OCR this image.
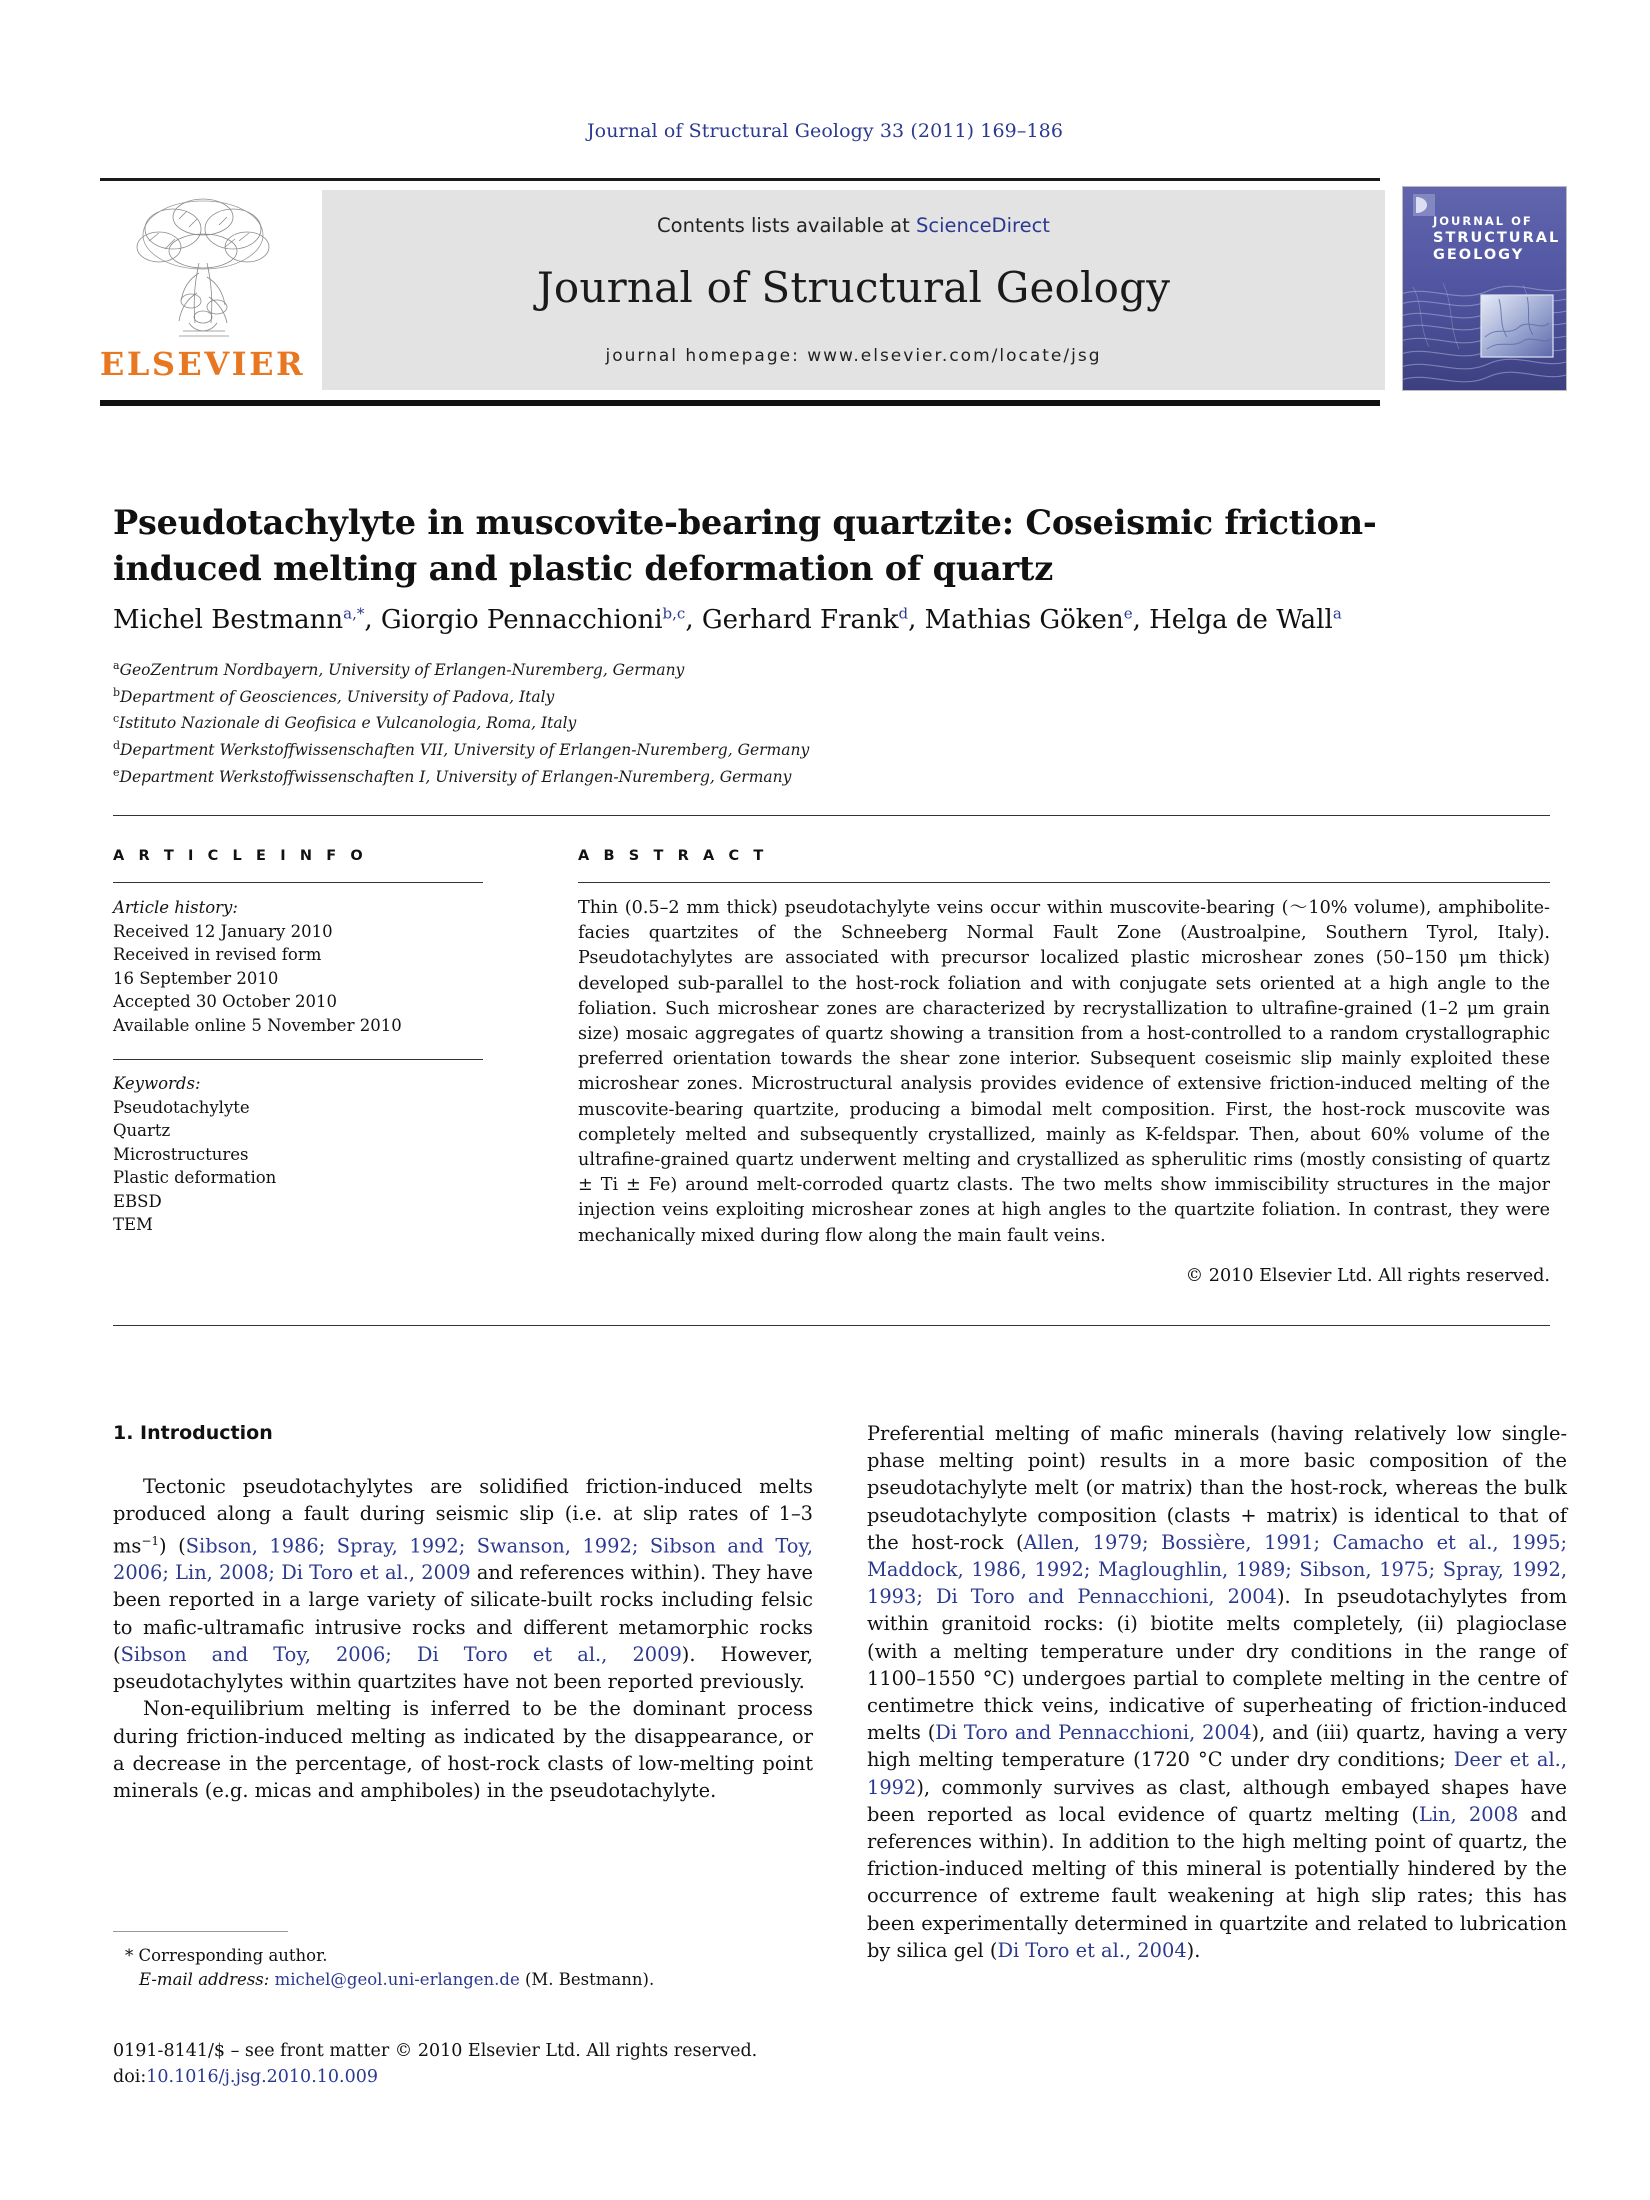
Journal of Structural Geology 33 (2011) 169–186
ELSEVIER
Contents lists available at ScienceDirect
Journal of Structural Geology
journal homepage: www.elsevier.com/locate/jsg
JOURNAL OF
STRUCTURAL
GEOLOGY
Pseudotachylyte in muscovite-bearing quartzite: Coseismic friction-induced melting and plastic deformation of quartz
Michel Bestmann$^{a,*}$, Giorgio Pennacchioni$^{b,c}$, Gerhard Frank$^d$, Mathias Göken$^e$, Helga de Wall$^a$
$^a$GeoZentrum Nordbayern, University of Erlangen-Nuremberg, Germany
$^b$Department of Geosciences, University of Padova, Italy
$^c$Istituto Nazionale di Geofisica e Vulcanologia, Roma, Italy
$^d$Department Werkstoffwissenschaften VII, University of Erlangen-Nuremberg, Germany
$^e$Department Werkstoffwissenschaften I, University of Erlangen-Nuremberg, Germany
A R T I C L E I N F O
Article history:
Received 12 January 2010
Received in revised form
16 September 2010
Accepted 30 October 2010
Available online 5 November 2010
Keywords:
Pseudotachylyte
Quartz
Microstructures
Plastic deformation
EBSD
TEM
A B S T R A C T

Thin (0.5–2 mm thick) pseudotachylyte veins occur within muscovite-bearing (～10% volume), amphibolite-facies quartzites of the Schneeberg Normal Fault Zone (Austroalpine, Southern Tyrol, Italy). Pseudotachylytes are associated with precursor localized plastic microshear zones (50–150 μm thick) developed sub-parallel to the host-rock foliation and with conjugate sets oriented at a high angle to the foliation. Such microshear zones are characterized by recrystallization to ultrafine-grained (1–2 μm grain size) mosaic aggregates of quartz showing a transition from a host-controlled to a random crystallographic preferred orientation towards the shear zone interior. Subsequent coseismic slip mainly exploited these microshear zones. Microstructural analysis provides evidence of extensive friction-induced melting of the muscovite-bearing quartzite, producing a bimodal melt composition. First, the host-rock muscovite was completely melted and subsequently crystallized, mainly as K-feldspar. Then, about 60% volume of the ultrafine-grained quartz underwent melting and crystallized as spherulitic rims (mostly consisting of quartz ± Ti ± Fe) around melt-corroded quartz clasts. The two melts show immiscibility structures in the major injection veins exploiting microshear zones at high angles to the quartzite foliation. In contrast, they were mechanically mixed during flow along the main fault veins.

© 2010 Elsevier Ltd. All rights reserved.
1. Introduction

Tectonic pseudotachylytes are solidified friction-induced melts produced along a fault during seismic slip (i.e. at slip rates of 1–3 $ms^{-1}$) (Sibson, 1986; Spray, 1992; Swanson, 1992; Sibson and Toy, 2006; Lin, 2008; Di Toro et al., 2009 and references within). They have been reported in a large variety of silicate-built rocks including felsic to mafic-ultramafic intrusive rocks and different metamorphic rocks (Sibson and Toy, 2006; Di Toro et al., 2009). However, pseudotachylytes within quartzites have not been reported previously.

Non-equilibrium melting is inferred to be the dominant process during friction-induced melting as indicated by the disappearance, or a decrease in the percentage, of host-rock clasts of low-melting point minerals (e.g. micas and amphiboles) in the pseudotachylyte.

Preferential melting of mafic minerals (having relatively low single-phase melting point) results in a more basic composition of the pseudotachylyte melt (or matrix) than the host-rock, whereas the bulk pseudotachylyte composition (clasts + matrix) is identical to that of the host-rock (Allen, 1979; Bossière, 1991; Camacho et al., 1995; Maddock, 1986, 1992; Magloughlin, 1989; Sibson, 1975; Spray, 1992, 1993; Di Toro and Pennacchioni, 2004). In pseudotachylytes from within granitoid rocks: (i) biotite melts completely, (ii) plagioclase (with a melting temperature under dry conditions in the range of 1100–1550 °C) undergoes partial to complete melting in the centre of centimetre thick veins, indicative of superheating of friction-induced melts (Di Toro and Pennacchioni, 2004), and (iii) quartz, having a very high melting temperature (1720 °C under dry conditions; Deer et al., 1992), commonly survives as clast, although embayed shapes have been reported as local evidence of quartz melting (Lin, 2008 and references within). In addition to the high melting point of quartz, the friction-induced melting of this mineral is potentially hindered by the occurrence of extreme fault weakening at high slip rates; this has been experimentally determined in quartzite and related to lubrication by silica gel (Di Toro et al., 2004).

* Corresponding author.
E-mail address: michel@geol.uni-erlangen.de (M. Bestmann).
0191-8141/$ – see front matter © 2010 Elsevier Ltd. All rights reserved.
doi:10.1016/j.jsg.2010.10.009
